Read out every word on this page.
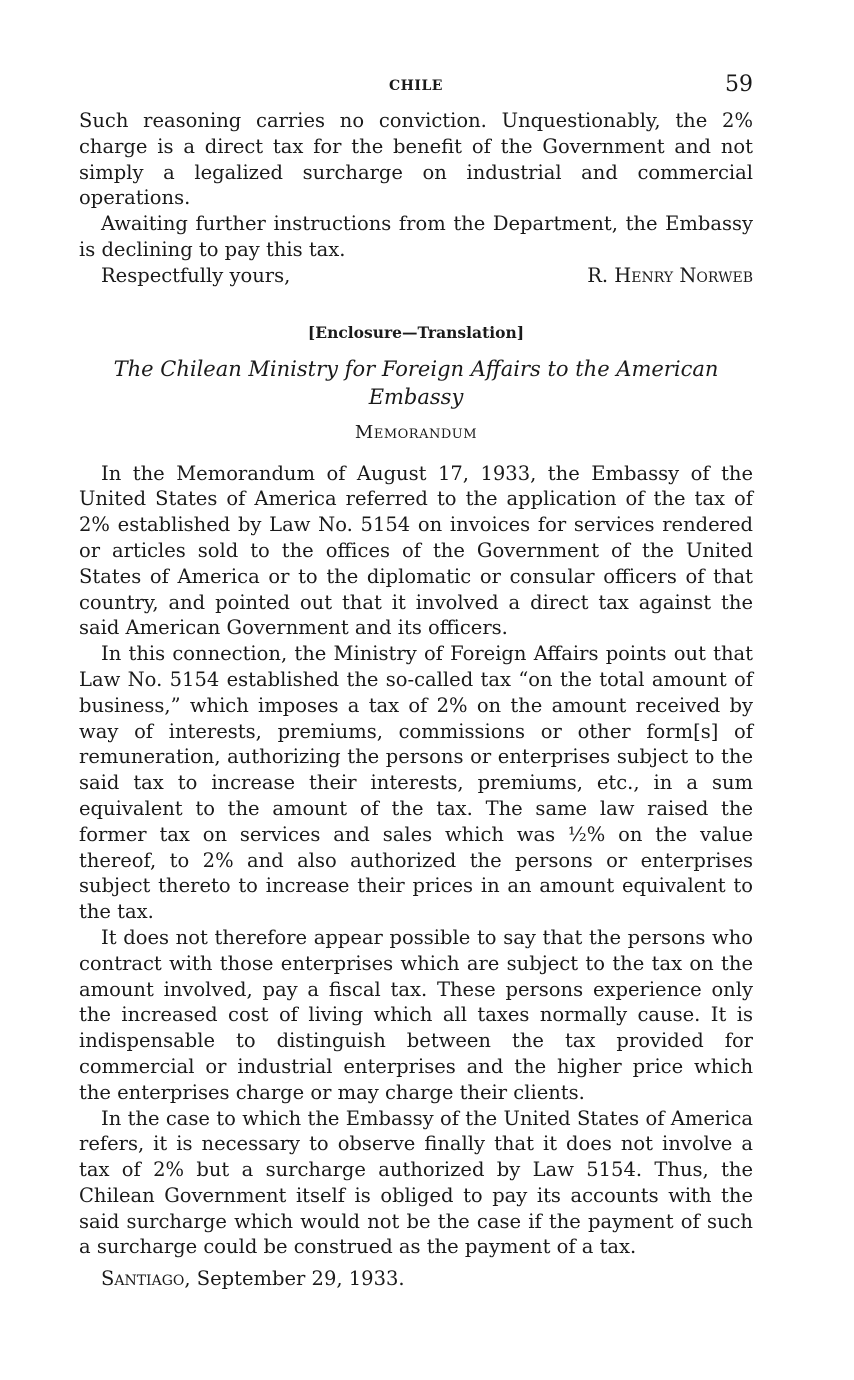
CHILE	59

Such reasoning carries no conviction. Unquestionably, the 2% charge is a direct tax for the benefit of the Government and not simply a legalized surcharge on industrial and commercial operations.

Awaiting further instructions from the Department, the Embassy is declining to pay this tax.

Respectfully yours,	R. Henry Norweb
[Enclosure—Translation]
The Chilean Ministry for Foreign Affairs to the American Embassy
Memorandum

In the Memorandum of August 17, 1933, the Embassy of the United States of America referred to the application of the tax of 2% established by Law No. 5154 on invoices for services rendered or articles sold to the offices of the Government of the United States of America or to the diplomatic or consular officers of that country, and pointed out that it involved a direct tax against the said American Government and its officers.

In this connection, the Ministry of Foreign Affairs points out that Law No. 5154 established the so-called tax “on the total amount of business,” which imposes a tax of 2% on the amount received by way of interests, premiums, commissions or other form[s] of remuneration, authorizing the persons or enterprises subject to the said tax to increase their interests, premiums, etc., in a sum equivalent to the amount of the tax. The same law raised the former tax on services and sales which was ½% on the value thereof, to 2% and also authorized the persons or enterprises subject thereto to increase their prices in an amount equivalent to the tax.

It does not therefore appear possible to say that the persons who contract with those enterprises which are subject to the tax on the amount involved, pay a fiscal tax. These persons experience only the increased cost of living which all taxes normally cause. It is indispensable to distinguish between the tax provided for commercial or industrial enterprises and the higher price which the enterprises charge or may charge their clients.

In the case to which the Embassy of the United States of America refers, it is necessary to observe finally that it does not involve a tax of 2% but a surcharge authorized by Law 5154. Thus, the Chilean Government itself is obliged to pay its accounts with the said surcharge which would not be the case if the payment of such a surcharge could be construed as the payment of a tax.

Santiago, September 29, 1933.
